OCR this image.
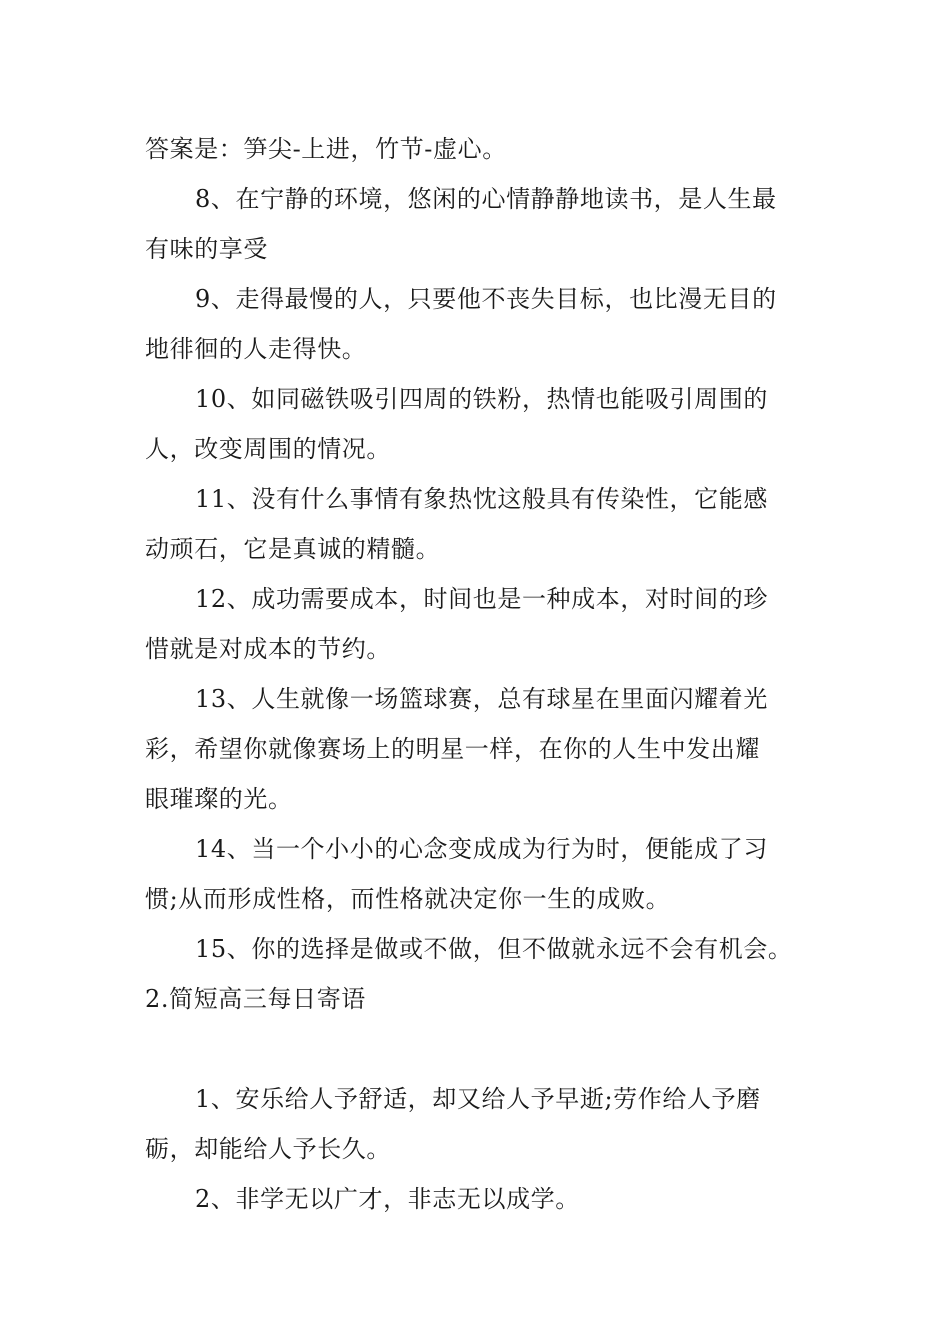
答案是：笋尖-上进，竹节-虚心。
8、在宁静的环境，悠闲的心情静静地读书，是人生最
有味的享受
9、走得最慢的人，只要他不丧失目标，也比漫无目的
地徘徊的人走得快。
10、如同磁铁吸引四周的铁粉，热情也能吸引周围的
人，改变周围的情况。
11、没有什么事情有象热忱这般具有传染性，它能感
动顽石，它是真诚的精髓。
12、成功需要成本，时间也是一种成本，对时间的珍
惜就是对成本的节约。
13、人生就像一场篮球赛，总有球星在里面闪耀着光
彩，希望你就像赛场上的明星一样，在你的人生中发出耀
眼璀璨的光。
14、当一个小小的心念变成成为行为时，便能成了习
惯;从而形成性格，而性格就决定你一生的成败。
15、你的选择是做或不做，但不做就永远不会有机会。
2.简短高三每日寄语
1、安乐给人予舒适，却又给人予早逝;劳作给人予磨
砺，却能给人予长久。
2、非学无以广才，非志无以成学。
